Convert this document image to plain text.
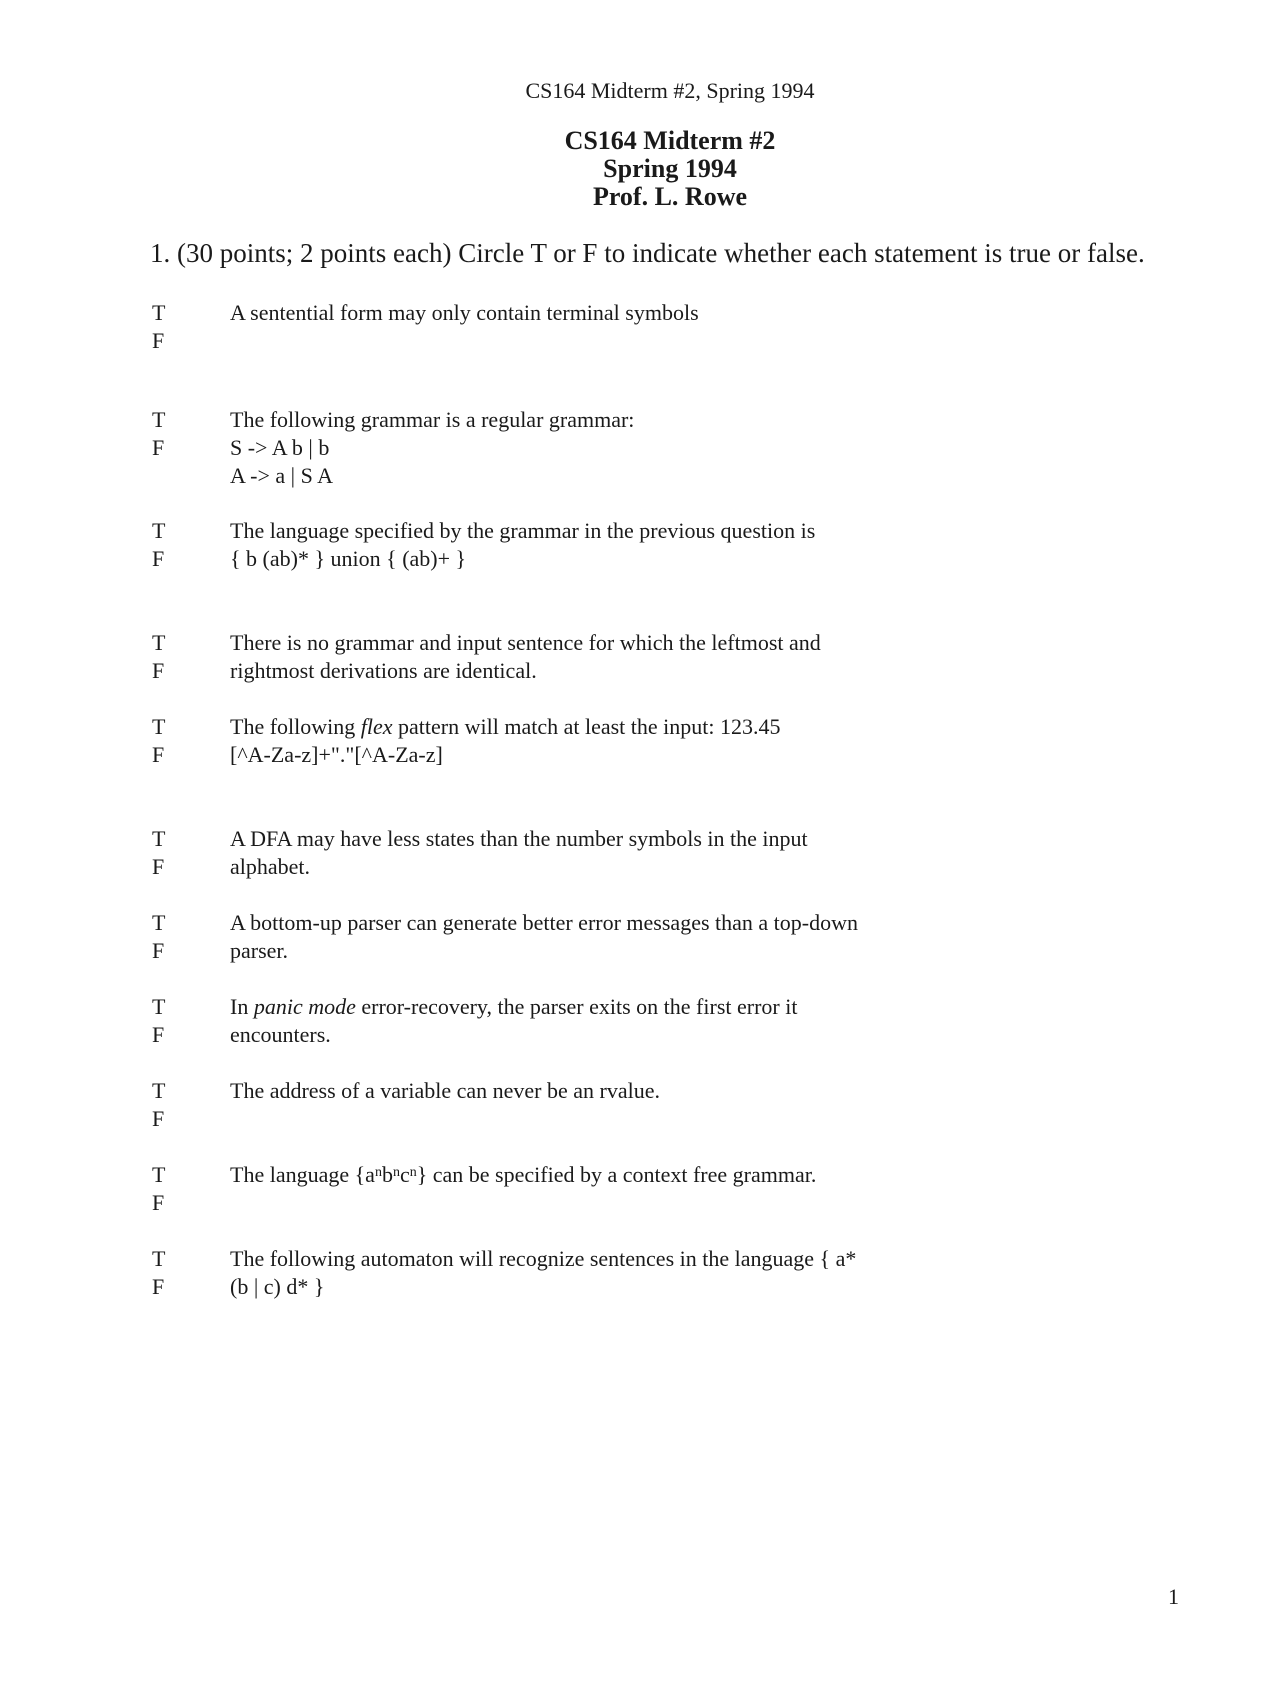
CS164 Midterm #2, Spring 1994
CS164 Midterm #2
Spring 1994
Prof. L. Rowe
1. (30 points; 2 points each) Circle T or F to indicate whether each statement is true or false.
T
F
A sentential form may only contain terminal symbols
T
F
The following grammar is a regular grammar:
S -> A b | b
A -> a | S A
T
F
The language specified by the grammar in the previous question is
{ b (ab)* } union { (ab)+ }
T
F
There is no grammar and input sentence for which the leftmost and
rightmost derivations are identical.
T
F
The following flex pattern will match at least the input: 123.45
[^A-Za-z]+"."[^A-Za-z]
T
F
A DFA may have less states than the number symbols in the input
alphabet.
T
F
A bottom-up parser can generate better error messages than a top-down
parser.
T
F
In panic mode error-recovery, the parser exits on the first error it
encounters.
T
F
The address of a variable can never be an rvalue.
T
F
The language $\{a^nb^nc^n\}$ can be specified by a context free grammar.
T
F
The following automaton will recognize sentences in the language { a*
(b | c) d* }
1
